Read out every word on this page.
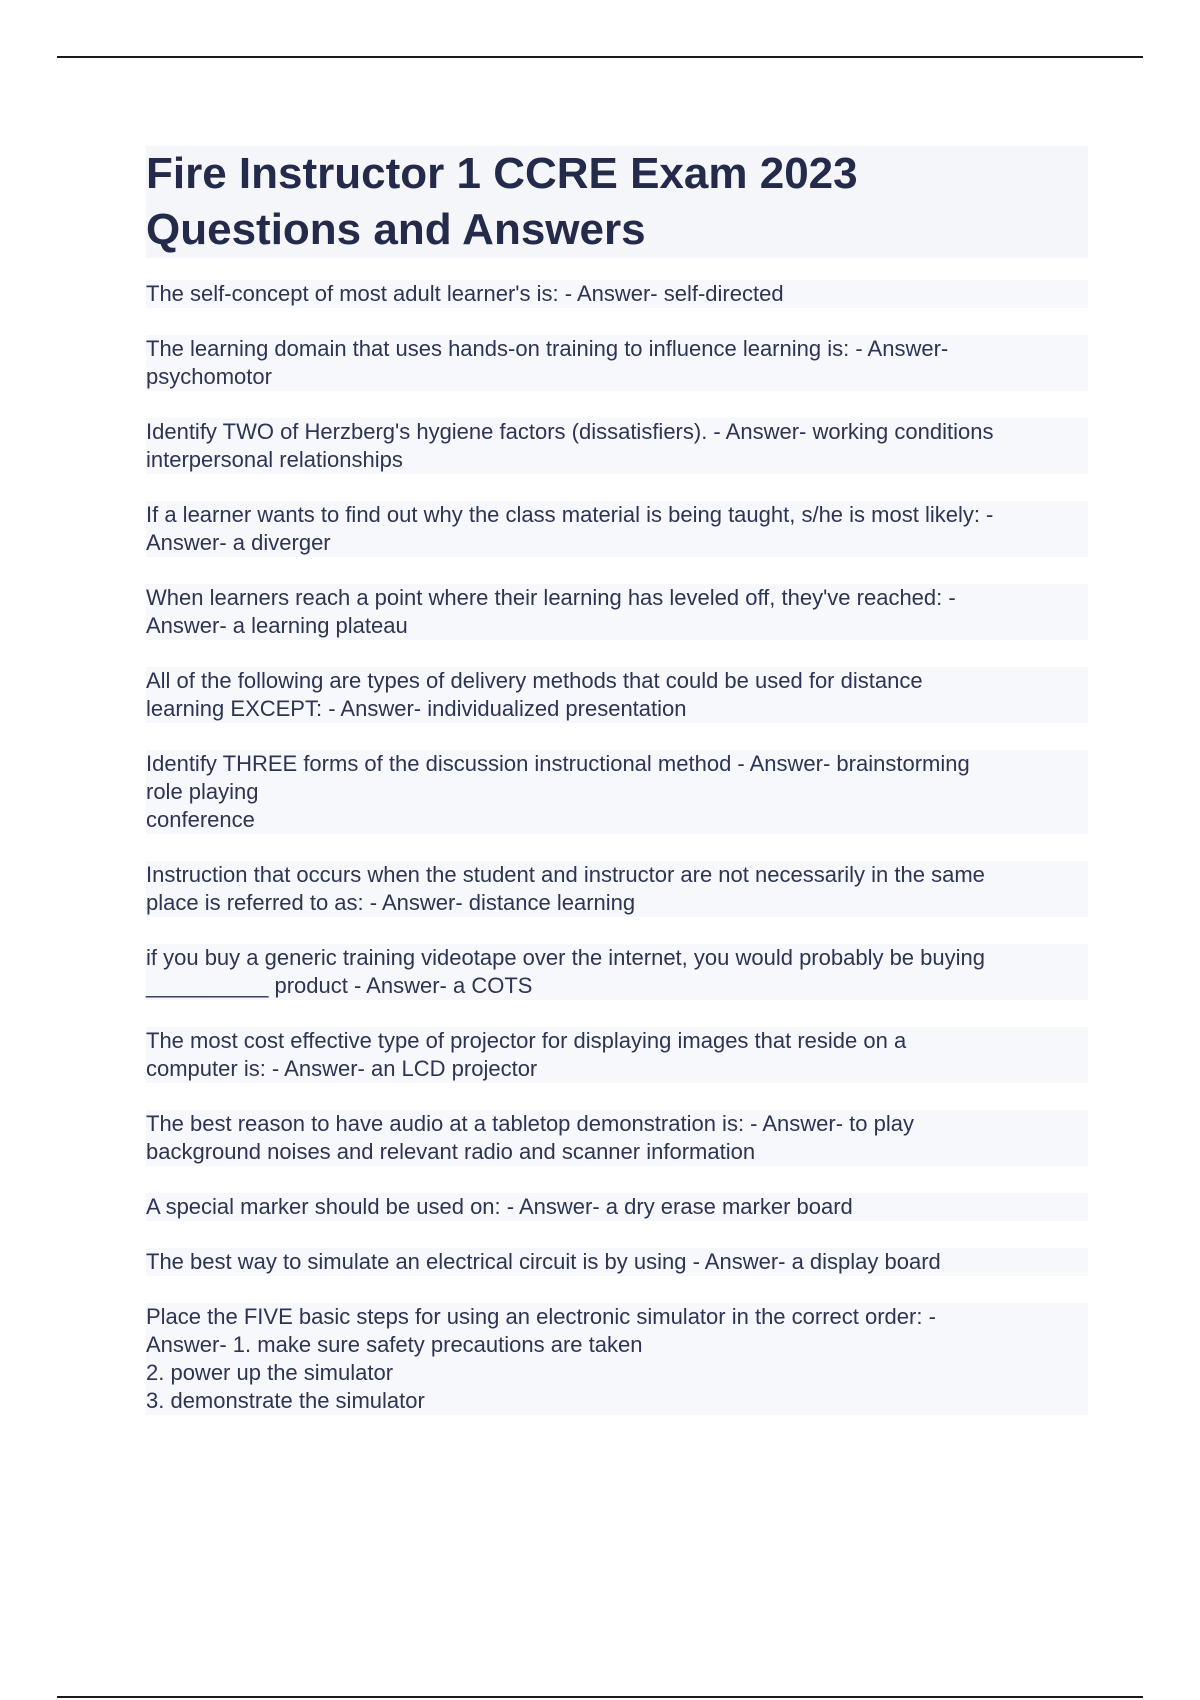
Fire Instructor 1 CCRE Exam 2023
Questions and Answers
The self-concept of most adult learner's is: - Answer- self-directed
The learning domain that uses hands-on training to influence learning is: - Answer-
psychomotor
Identify TWO of Herzberg's hygiene factors (dissatisfiers). - Answer- working conditions
interpersonal relationships
If a learner wants to find out why the class material is being taught, s/he is most likely: -
Answer- a diverger
When learners reach a point where their learning has leveled off, they've reached: -
Answer- a learning plateau
All of the following are types of delivery methods that could be used for distance
learning EXCEPT: - Answer- individualized presentation
Identify THREE forms of the discussion instructional method - Answer- brainstorming
role playing
conference
Instruction that occurs when the student and instructor are not necessarily in the same
place is referred to as: - Answer- distance learning
if you buy a generic training videotape over the internet, you would probably be buying
__________ product - Answer- a COTS
The most cost effective type of projector for displaying images that reside on a
computer is: - Answer- an LCD projector
The best reason to have audio at a tabletop demonstration is: - Answer- to play
background noises and relevant radio and scanner information
A special marker should be used on: - Answer- a dry erase marker board
The best way to simulate an electrical circuit is by using - Answer- a display board
Place the FIVE basic steps for using an electronic simulator in the correct order: -
Answer- 1. make sure safety precautions are taken
2. power up the simulator
3. demonstrate the simulator
